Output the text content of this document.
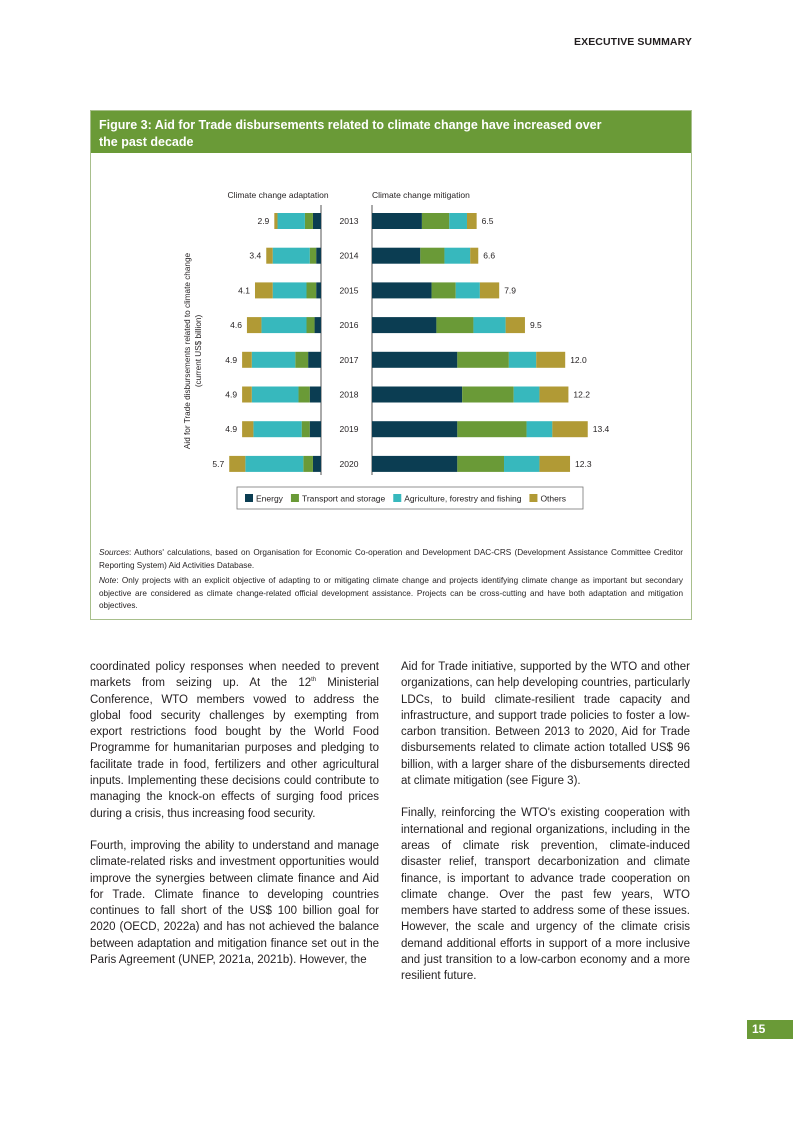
EXECUTIVE SUMMARY
Figure 3: Aid for Trade disbursements related to climate change have increased over
the past decade
Climate change adaptation	Climate change mitigation
Aid for Trade disbursements related to climate change (current US$ billion)
2013
2.9	6.5
2014
3.4	6.6
2015
4.1	7.9
2016
4.6	9.5
2017
4.9	12.0
2018
4.9	12.2
2019
4.9	13.4
2020
5.7	12.3
Energy Transport and storage Agriculture, forestry and fishing Others

Sources: Authors' calculations, based on Organisation for Economic Co-operation and Development DAC-CRS (Development Assistance Committee Creditor Reporting System) Aid Activities Database.

Note: Only projects with an explicit objective of adapting to or mitigating climate change and projects identifying climate change as important but secondary objective are considered as climate change-related official development assistance. Projects can be cross-cutting and have both adaptation and mitigation objectives.

coordinated policy responses when needed to prevent markets from seizing up. At the 12th Ministerial Conference, WTO members vowed to address the global food security challenges by exempting from export restrictions food bought by the World Food Programme for humanitarian purposes and pledging to facilitate trade in food, fertilizers and other agricultural inputs. Implementing these decisions could contribute to managing the knock-on effects of surging food prices during a crisis, thus increasing food security.

Fourth, improving the ability to understand and manage climate-related risks and investment opportunities would improve the synergies between climate finance and Aid for Trade. Climate finance to developing countries continues to fall short of the US$ 100 billion goal for 2020 (OECD, 2022a) and has not achieved the balance between adaptation and mitigation finance set out in the Paris Agreement (UNEP, 2021a, 2021b). However, the

Aid for Trade initiative, supported by the WTO and other organizations, can help developing countries, particularly LDCs, to build climate-resilient trade capacity and infrastructure, and support trade policies to foster a low-carbon transition. Between 2013 to 2020, Aid for Trade disbursements related to climate action totalled US$ 96 billion, with a larger share of the disbursements directed at climate mitigation (see Figure 3).

Finally, reinforcing the WTO's existing cooperation with international and regional organizations, including in the areas of climate risk prevention, climate-induced disaster relief, transport decarbonization and climate finance, is important to advance trade cooperation on climate change. Over the past few years, WTO members have started to address some of these issues. However, the scale and urgency of the climate crisis demand additional efforts in support of a more inclusive and just transition to a low-carbon economy and a more resilient future.

15
